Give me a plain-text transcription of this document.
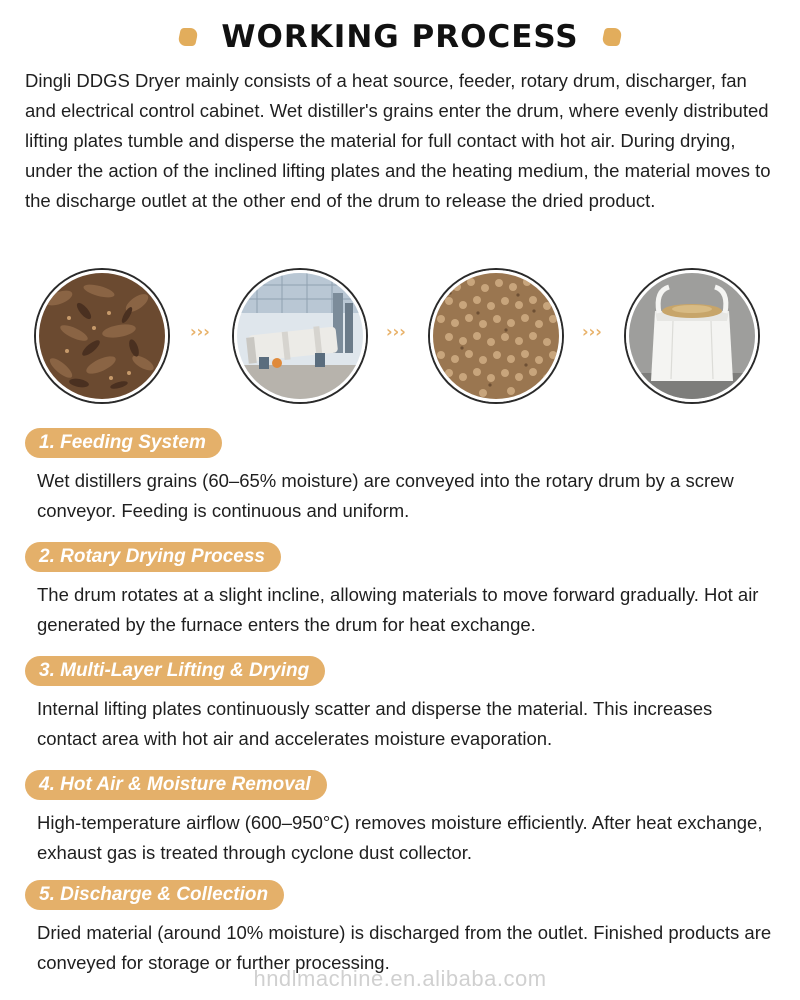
WORKING PROCESS
Dingli DDGS Dryer mainly consists of a heat source, feeder, rotary drum, discharger, fan and electrical control cabinet. Wet distiller's grains enter the drum, where evenly distributed lifting plates tumble and disperse the material for full contact with hot air. During drying, under the action of the inclined lifting plates and the heating medium, the material moves to the discharge outlet at the other end of the drum to release the dried product.
›››	›››	›››
1. Feeding System
Wet distillers grains (60–65% moisture) are conveyed into the rotary drum by a screw conveyor. Feeding is continuous and uniform.
2. Rotary Drying Process
The drum rotates at a slight incline, allowing materials to move forward gradually. Hot air generated by the furnace enters the drum for heat exchange.
3. Multi-Layer Lifting & Drying
Internal lifting plates continuously scatter and disperse the material. This increases contact area with hot air and accelerates moisture evaporation.
4. Hot Air & Moisture Removal
High-temperature airflow (600–950°C) removes moisture efficiently. After heat exchange, exhaust gas is treated through cyclone dust collector.
5. Discharge & Collection
Dried material (around 10% moisture) is discharged from the outlet. Finished products are conveyed for storage or further processing.
hndlmachine.en.alibaba.com
